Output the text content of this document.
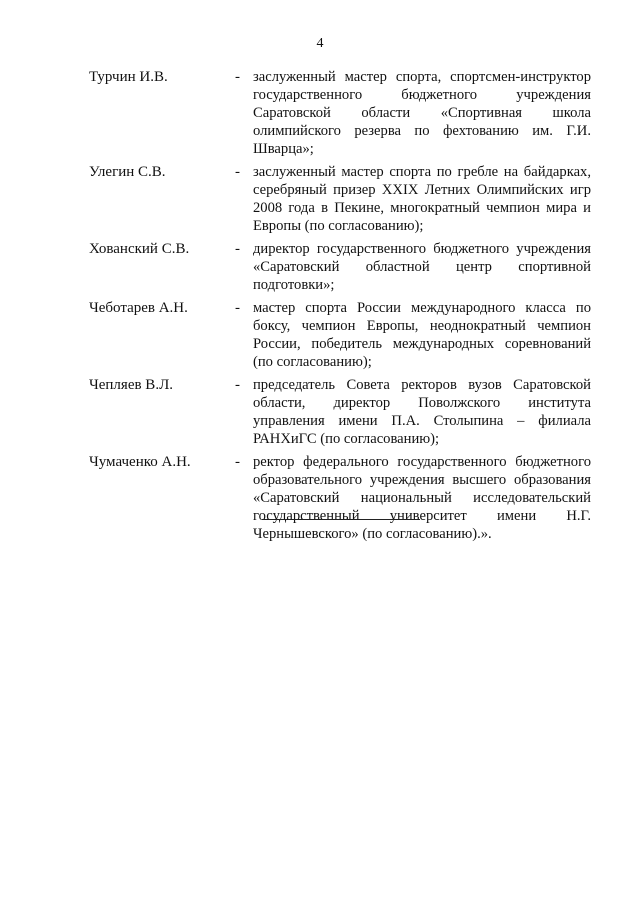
4
Турчин И.В.	- заслуженный мастер спорта, спортсмен-инструктор государственного бюджетного учреждения Саратовской области «Спортивная школа олимпийского резерва по фехтованию им. Г.И. Шварца»;
Улегин С.В.	- заслуженный мастер спорта по гребле на байдарках, серебряный призер XXIX Летних Олимпийских игр 2008 года в Пекине, многократный чемпион мира и Европы (по согласованию);
Хованский С.В.	- директор государственного бюджетного учреждения «Саратовский областной центр спортивной подготовки»;
Чеботарев А.Н.	- мастер спорта России международного класса по боксу, чемпион Европы, неоднократный чемпион России, победитель международных соревнований (по согласованию);
Чепляев В.Л.	- председатель Совета ректоров вузов Саратовской области, директор Поволжского института управления имени П.А. Столыпина – филиала РАНХиГС (по согласованию);
Чумаченко А.Н.	- ректор федерального государственного бюджетного образовательного учреждения высшего образования «Саратовский национальный исследовательский государственный университет имени Н.Г. Чернышевского» (по согласованию).».
